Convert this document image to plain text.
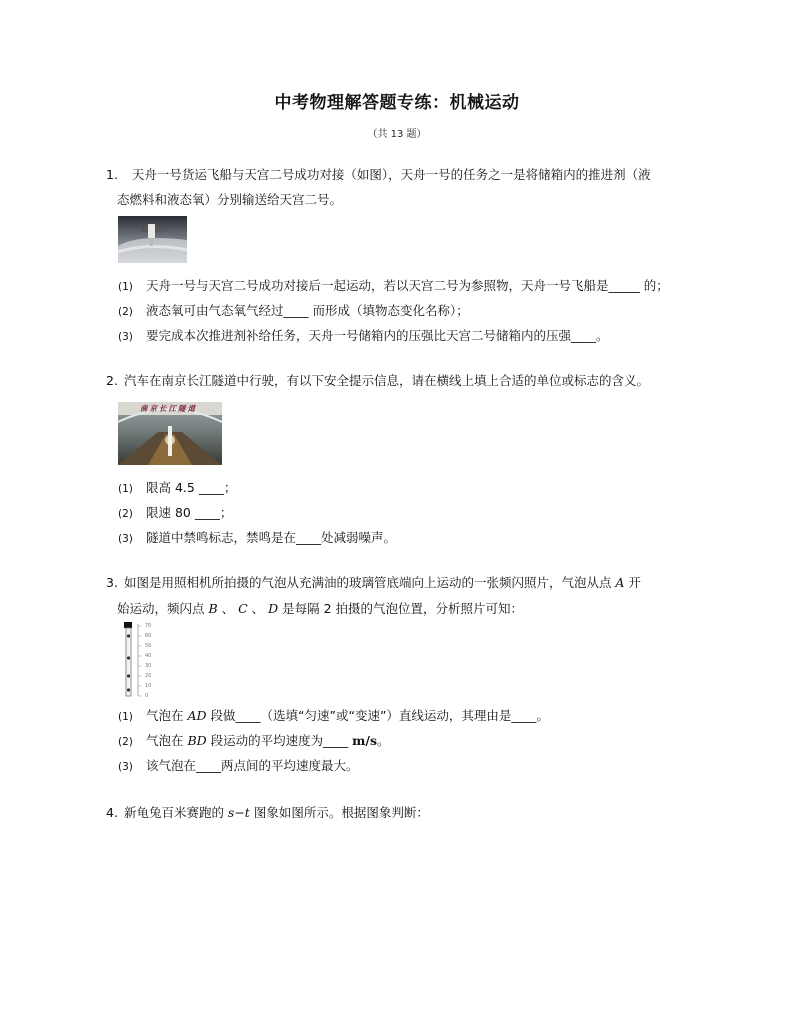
中考物理解答题专练：机械运动
（共 13 题）
1. 天舟一号货运飞船与天宫二号成功对接（如图），天舟一号的任务之一是将储箱内的推进剂（液
态燃料和液态氧）分别输送给天宫二号。
(1) 天舟一号与天宫二号成功对接后一起运动，若以天宫二号为参照物，天舟一号飞船是_____ 的；
(2) 液态氧可由气态氧气经过____ 而形成（填物态变化名称）；
(3) 要完成本次推进剂补给任务，天舟一号储箱内的压强比天宫二号储箱内的压强____。
2. 汽车在南京长江隧道中行驶，有以下安全提示信息，请在横线上填上合适的单位或标志的含义。
南京长江隧道
(1) 限高 4.5 ____；
(2) 限速 80 ____；
(3) 隧道中禁鸣标志，禁鸣是在____处减弱噪声。
3. 如图是用照相机所拍摄的气泡从充满油的玻璃管底端向上运动的一张频闪照片，气泡从点 A 开
始运动，频闪点 B 、 C 、 D 是每隔 2 拍摄的气泡位置，分析照片可知：
70
60
50
40
30
20
10
0
(1) 气泡在 AD 段做____（选填“匀速”或“变速”）直线运动，其理由是____。
(2) 气泡在 BD 段运动的平均速度为____ m/s。
(3) 该气泡在____两点间的平均速度最大。
4. 新龟兔百米赛跑的 s−t 图象如图所示。根据图象判断：
